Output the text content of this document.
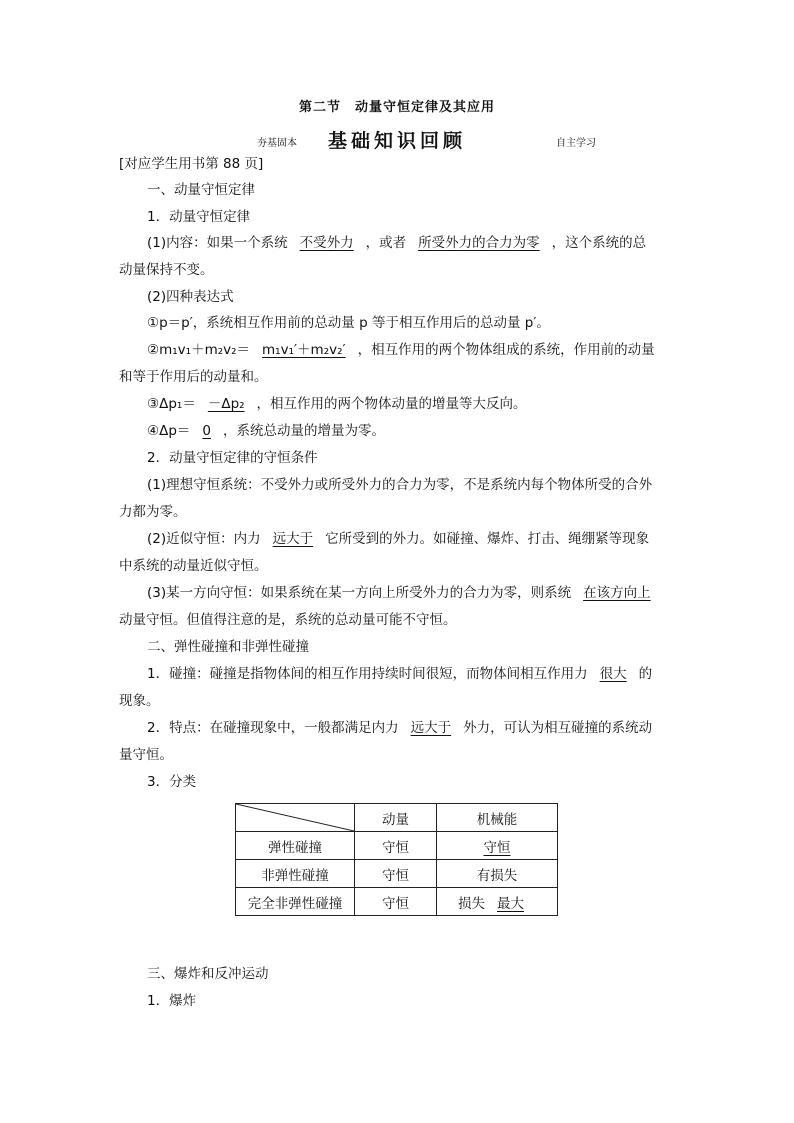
第二节　动量守恒定律及其应用
夯基固本	基础知识回顾	自主学习
[对应学生用书第 88 页]
一、动量守恒定律
1．动量守恒定律
(1)内容：如果一个系统 不受外力 ，或者 所受外力的合力为零 ，这个系统的总
动量保持不变。
(2)四种表达式
①p＝p′，系统相互作用前的总动量 p 等于相互作用后的总动量 p′。
②m₁v₁＋m₂v₂＝ m₁v₁′＋m₂v₂′ ，相互作用的两个物体组成的系统，作用前的动量
和等于作用后的动量和。
③Δp₁＝ －Δp₂ ，相互作用的两个物体动量的增量等大反向。
④Δp＝ 0 ，系统总动量的增量为零。
2．动量守恒定律的守恒条件
(1)理想守恒系统：不受外力或所受外力的合力为零，不是系统内每个物体所受的合外
力都为零。
(2)近似守恒：内力 远大于 它所受到的外力。如碰撞、爆炸、打击、绳绷紧等现象
中系统的动量近似守恒。
(3)某一方向守恒：如果系统在某一方向上所受外力的合力为零，则系统 在该方向上
动量守恒。但值得注意的是，系统的总动量可能不守恒。
二、弹性碰撞和非弹性碰撞
1．碰撞：碰撞是指物体间的相互作用持续时间很短，而物体间相互作用力 很大 的
现象。
2．特点：在碰撞现象中，一般都满足内力 远大于 外力，可认为相互碰撞的系统动
量守恒。
3．分类
	动量	机械能
弹性碰撞	守恒	守恒
非弹性碰撞	守恒	有损失
完全非弹性碰撞	守恒	损失 最大
三、爆炸和反冲运动
1．爆炸
